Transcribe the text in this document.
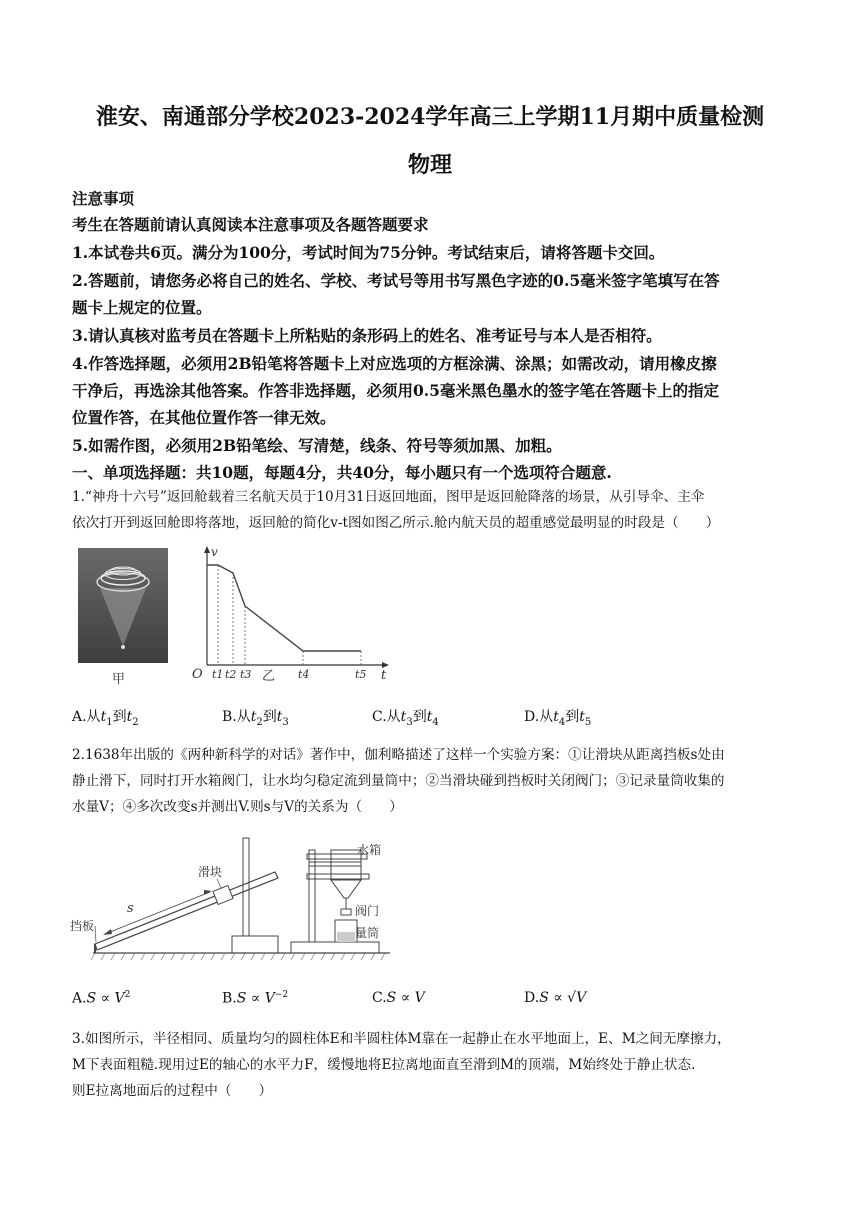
淮安、南通部分学校2023-2024学年高三上学期11月期中质量检测
物理
注意事项
考生在答题前请认真阅读本注意事项及各题答题要求
1.本试卷共6页。满分为100分，考试时间为75分钟。考试结束后，请将答题卡交回。
2.答题前，请您务必将自己的姓名、学校、考试号等用书写黑色字迹的0.5毫米签字笔填写在答
题卡上规定的位置。
3.请认真核对监考员在答题卡上所粘贴的条形码上的姓名、准考证号与本人是否相符。
4.作答选择题，必须用2B铅笔将答题卡上对应选项的方框涂满、涂黑；如需改动，请用橡皮擦
干净后，再选涂其他答案。作答非选择题，必须用0.5毫米黑色墨水的签字笔在答题卡上的指定
位置作答，在其他位置作答一律无效。
5.如需作图，必须用2B铅笔绘、写清楚，线条、符号等须加黑、加粗。
一、单项选择题：共10题，每题4分，共40分，每小题只有一个选项符合题意.
1.“神舟十六号”返回舱载着三名航天员于10月31日返回地面，图甲是返回舱降落的场景，从引导伞、主伞
依次打开到返回舱即将落地，返回舱的简化v-t图如图乙所示.舱内航天员的超重感觉最明显的时段是（　　）
甲
v
t
O t1 t2 t3	t4	t5
乙
A.从$t_1$到$t_2$	B.从$t_2$到$t_3$	C.从$t_3$到$t_4$	D.从$t_4$到$t_5$
2.1638年出版的《两种新科学的对话》著作中，伽利略描述了这样一个实验方案：①让滑块从距离挡板s处由
静止滑下，同时打开水箱阀门，让水均匀稳定流到量筒中；②当滑块碰到挡板时关闭阀门；③记录量筒收集的
水量V；④多次改变s并测出V.则s与V的关系为（　　）
s
滑块
挡板
水箱
阀门
量筒
$A.S \propto V^2$	$B.S \propto V^{-2}$	C.S ∝ V	D.S ∝ √V
3.如图所示，半径相同、质量均匀的圆柱体E和半圆柱体M靠在一起静止在水平地面上，E、M之间无摩擦力，
M下表面粗糙.现用过E的轴心的水平力F，缓慢地将E拉离地面直至滑到M的顶端，M始终处于静止状态.
则E拉离地面后的过程中（　　）
